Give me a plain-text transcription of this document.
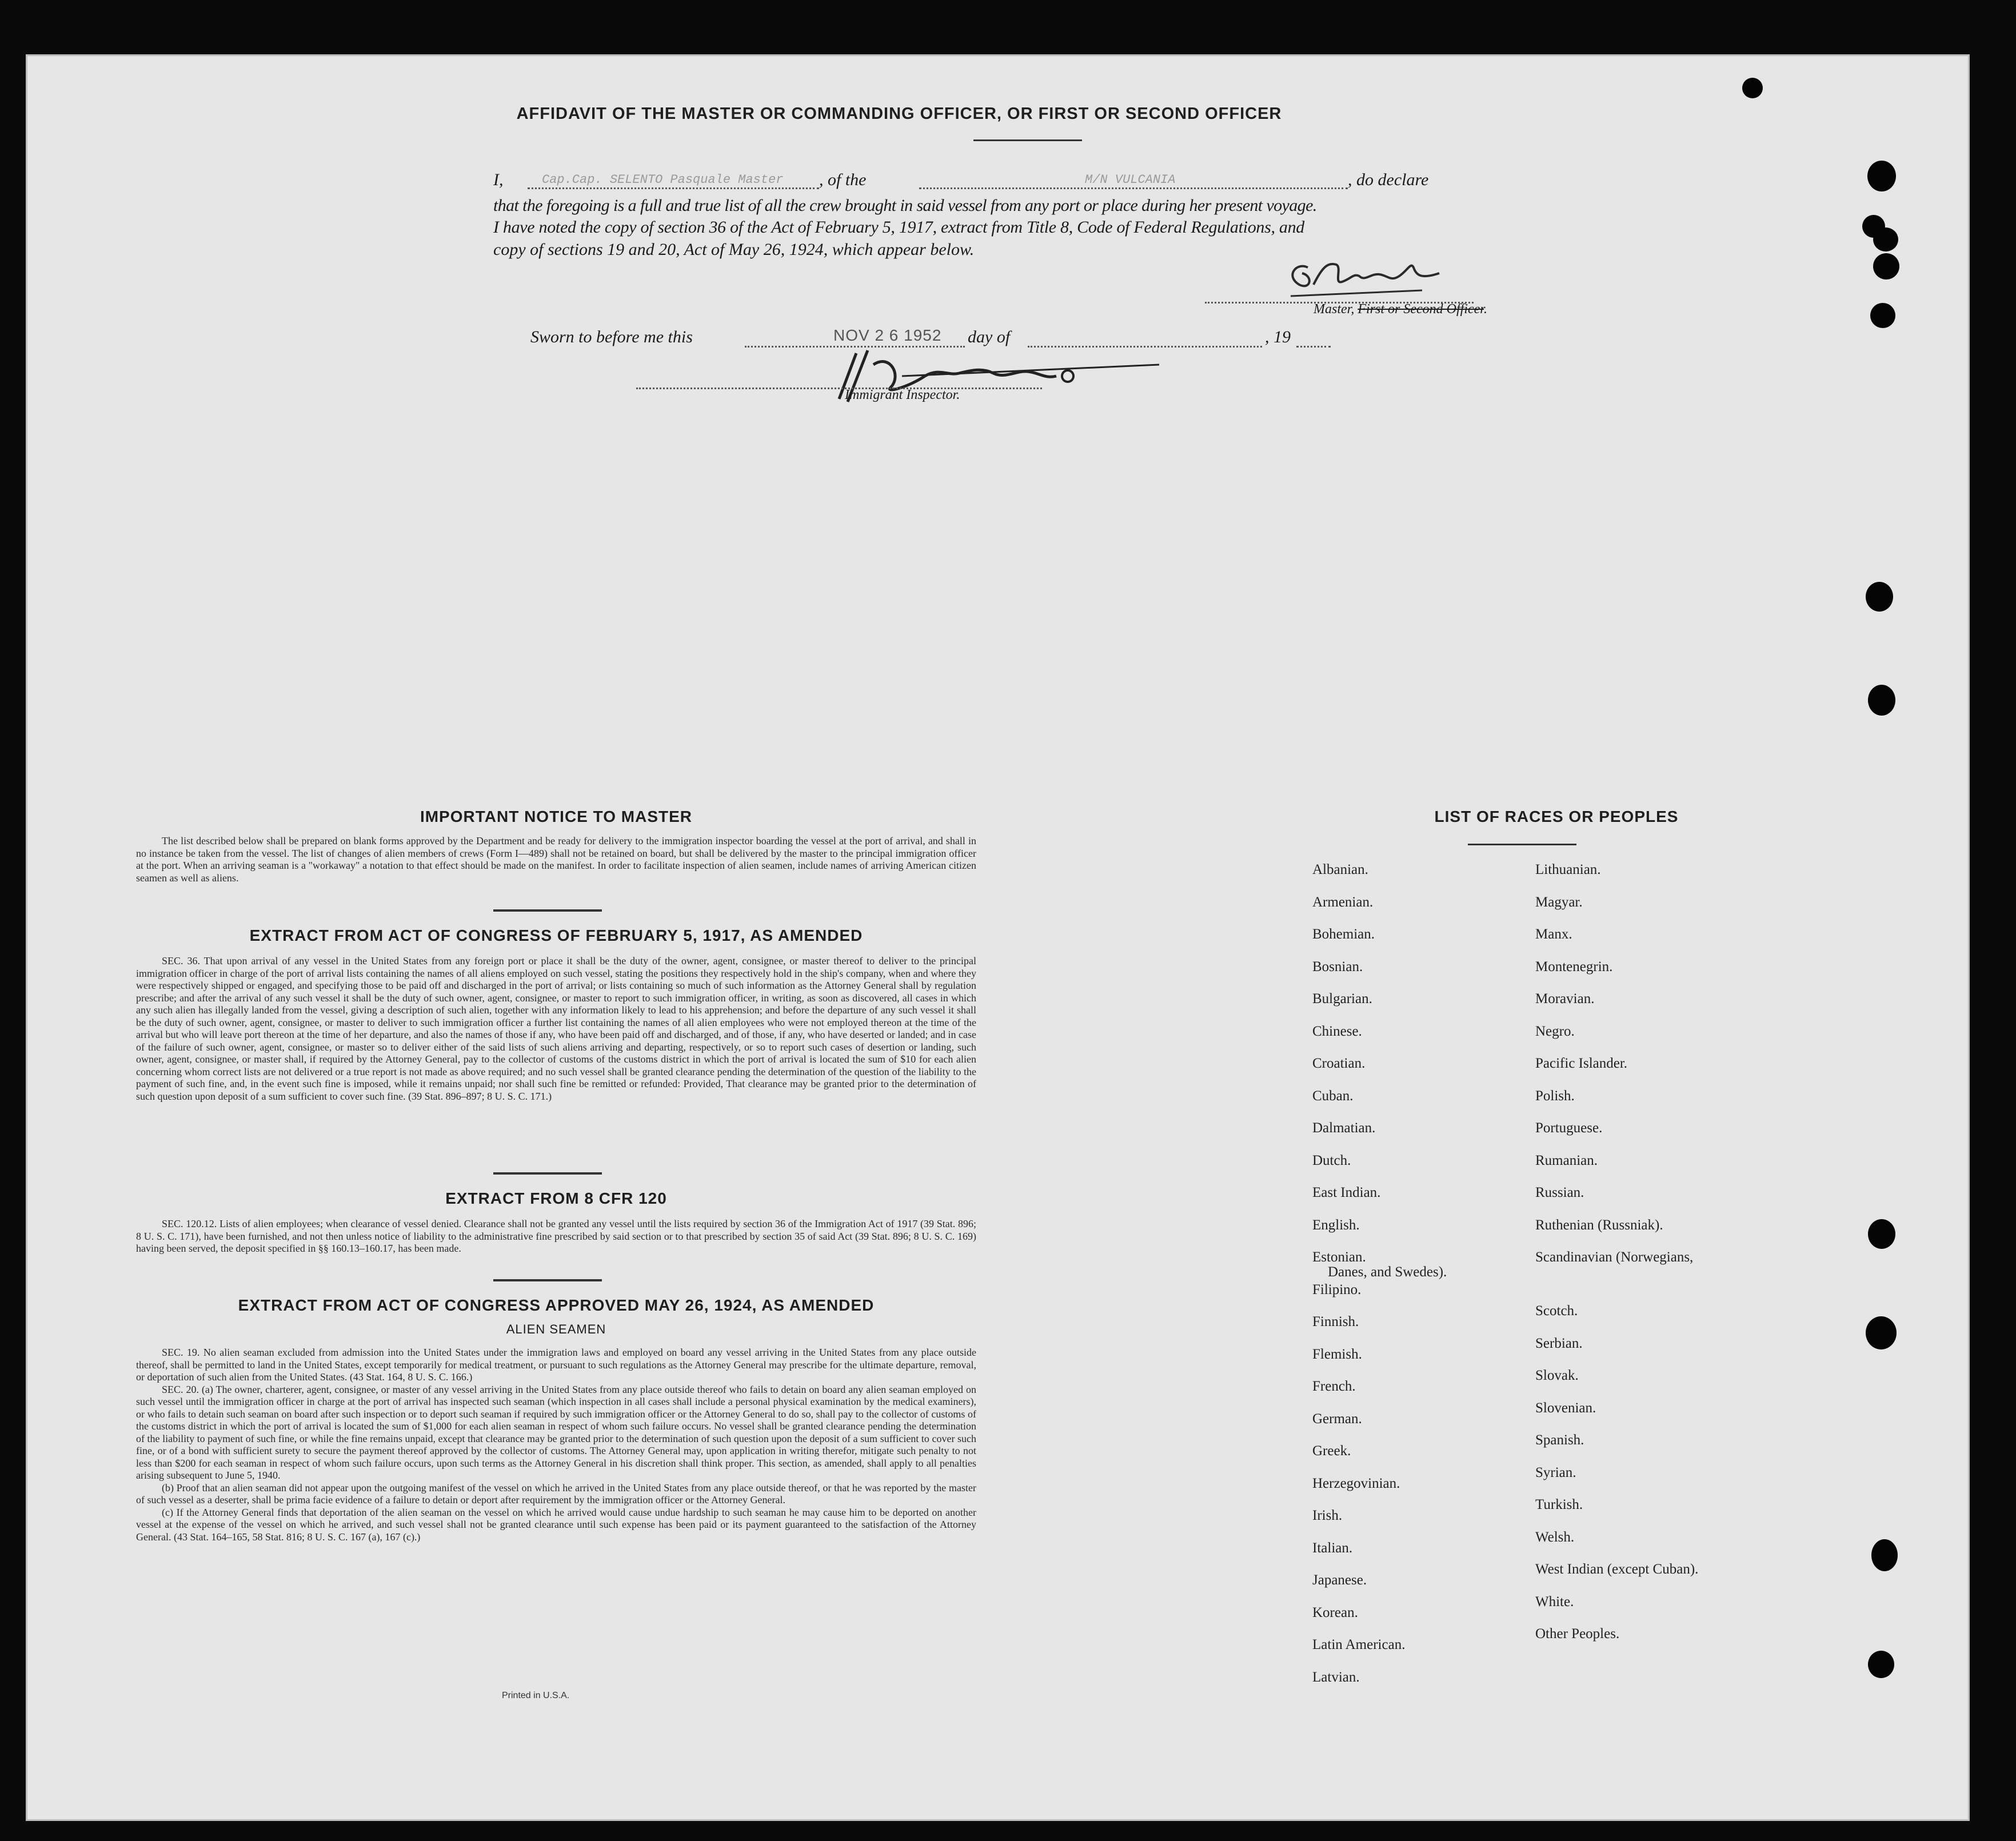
AFFIDAVIT OF THE MASTER OR COMMANDING OFFICER, OR FIRST OR SECOND OFFICER
I,	Cap.Cap. SELENTO Pasquale Master , of the	M/N VULCANIA	, do declare
that the foregoing is a full and true list of all the crew brought in said vessel from any port or place during her present voyage.
I have noted the copy of section 36 of the Act of February 5, 1917, extract from Title 8, Code of Federal Regulations, and
copy of sections 19 and 20, Act of May 26, 1924, which appear below.
Master, First or Second Officer.
Sworn to before me this	NOV 2 6 1952 day of	, 19
Immigrant Inspector.
IMPORTANT NOTICE TO MASTER

The list described below shall be prepared on blank forms approved by the Department and be ready for delivery to the immigration inspector boarding the vessel at the port of arrival, and shall in no instance be taken from the vessel. The list of changes of alien members of crews (Form I—489) shall not be retained on board, but shall be delivered by the master to the principal immigration officer at the port. When an arriving seaman is a "workaway" a notation to that effect should be made on the manifest. In order to facilitate inspection of alien seamen, include names of arriving American citizen seamen as well as aliens.

EXTRACT FROM ACT OF CONGRESS OF FEBRUARY 5, 1917, AS AMENDED

SEC. 36. That upon arrival of any vessel in the United States from any foreign port or place it shall be the duty of the owner, agent, consignee, or master thereof to deliver to the principal immigration officer in charge of the port of arrival lists containing the names of all aliens employed on such vessel, stating the positions they respectively hold in the ship's company, when and where they were respectively shipped or engaged, and specifying those to be paid off and discharged in the port of arrival; or lists containing so much of such information as the Attorney General shall by regulation prescribe; and after the arrival of any such vessel it shall be the duty of such owner, agent, consignee, or master to report to such immigration officer, in writing, as soon as discovered, all cases in which any such alien has illegally landed from the vessel, giving a description of such alien, together with any information likely to lead to his apprehension; and before the departure of any such vessel it shall be the duty of such owner, agent, consignee, or master to deliver to such immigration officer a further list containing the names of all alien employees who were not employed thereon at the time of the arrival but who will leave port thereon at the time of her departure, and also the names of those if any, who have been paid off and discharged, and of those, if any, who have deserted or landed; and in case of the failure of such owner, agent, consignee, or master so to deliver either of the said lists of such aliens arriving and departing, respectively, or so to report such cases of desertion or landing, such owner, agent, consignee, or master shall, if required by the Attorney General, pay to the collector of customs of the customs district in which the port of arrival is located the sum of $10 for each alien concerning whom correct lists are not delivered or a true report is not made as above required; and no such vessel shall be granted clearance pending the determination of the question of the liability to the payment of such fine, and, in the event such fine is imposed, while it remains unpaid; nor shall such fine be remitted or refunded: Provided, That clearance may be granted prior to the determination of such question upon deposit of a sum sufficient to cover such fine. (39 Stat. 896–897; 8 U. S. C. 171.)

EXTRACT FROM 8 CFR 120

SEC. 120.12. Lists of alien employees; when clearance of vessel denied. Clearance shall not be granted any vessel until the lists required by section 36 of the Immigration Act of 1917 (39 Stat. 896; 8 U. S. C. 171), have been furnished, and not then unless notice of liability to the administrative fine prescribed by said section or to that prescribed by section 35 of said Act (39 Stat. 896; 8 U. S. C. 169) having been served, the deposit specified in §§ 160.13–160.17, has been made.

EXTRACT FROM ACT OF CONGRESS APPROVED MAY 26, 1924, AS AMENDED
ALIEN SEAMEN

SEC. 19. No alien seaman excluded from admission into the United States under the immigration laws and employed on board any vessel arriving in the United States from any place outside thereof, shall be permitted to land in the United States, except temporarily for medical treatment, or pursuant to such regulations as the Attorney General may prescribe for the ultimate departure, removal, or deportation of such alien from the United States. (43 Stat. 164, 8 U. S. C. 166.)

SEC. 20. (a) The owner, charterer, agent, consignee, or master of any vessel arriving in the United States from any place outside thereof who fails to detain on board any alien seaman employed on such vessel until the immigration officer in charge at the port of arrival has inspected such seaman (which inspection in all cases shall include a personal physical examination by the medical examiners), or who fails to detain such seaman on board after such inspection or to deport such seaman if required by such immigration officer or the Attorney General to do so, shall pay to the collector of customs of the customs district in which the port of arrival is located the sum of $1,000 for each alien seaman in respect of whom such failure occurs. No vessel shall be granted clearance pending the determination of the liability to payment of such fine, or while the fine remains unpaid, except that clearance may be granted prior to the determination of such question upon the deposit of a sum sufficient to cover such fine, or of a bond with sufficient surety to secure the payment thereof approved by the collector of customs. The Attorney General may, upon application in writing therefor, mitigate such penalty to not less than $200 for each seaman in respect of whom such failure occurs, upon such terms as the Attorney General in his discretion shall think proper. This section, as amended, shall apply to all penalties arising subsequent to June 5, 1940.

(b) Proof that an alien seaman did not appear upon the outgoing manifest of the vessel on which he arrived in the United States from any place outside thereof, or that he was reported by the master of such vessel as a deserter, shall be prima facie evidence of a failure to detain or deport after requirement by the immigration officer or the Attorney General.

(c) If the Attorney General finds that deportation of the alien seaman on the vessel on which he arrived would cause undue hardship to such seaman he may cause him to be deported on another vessel at the expense of the vessel on which he arrived, and such vessel shall not be granted clearance until such expense has been paid or its payment guaranteed to the satisfaction of the Attorney General. (43 Stat. 164–165, 58 Stat. 816; 8 U. S. C. 167 (a), 167 (c).)

Printed in U.S.A.
LIST OF RACES OR PEOPLES
Albanian.
Armenian.
Bohemian.
Bosnian.
Bulgarian.
Chinese.
Croatian.
Cuban.
Dalmatian.
Dutch.
East Indian.
English.
Estonian.
Filipino.
Finnish.
Flemish.
French.
German.
Greek.
Herzegovinian.
Irish.
Italian.
Japanese.
Korean.
Latin American.
Latvian.
Lithuanian.
Magyar.
Manx.
Montenegrin.
Moravian.
Negro.
Pacific Islander.
Polish.
Portuguese.
Rumanian.
Russian.
Ruthenian (Russniak).
Scandinavian (Norwegians,
Danes, and Swedes).
Scotch.
Serbian.
Slovak.
Slovenian.
Spanish.
Syrian.
Turkish.
Welsh.
West Indian (except Cuban).
White.
Other Peoples.
